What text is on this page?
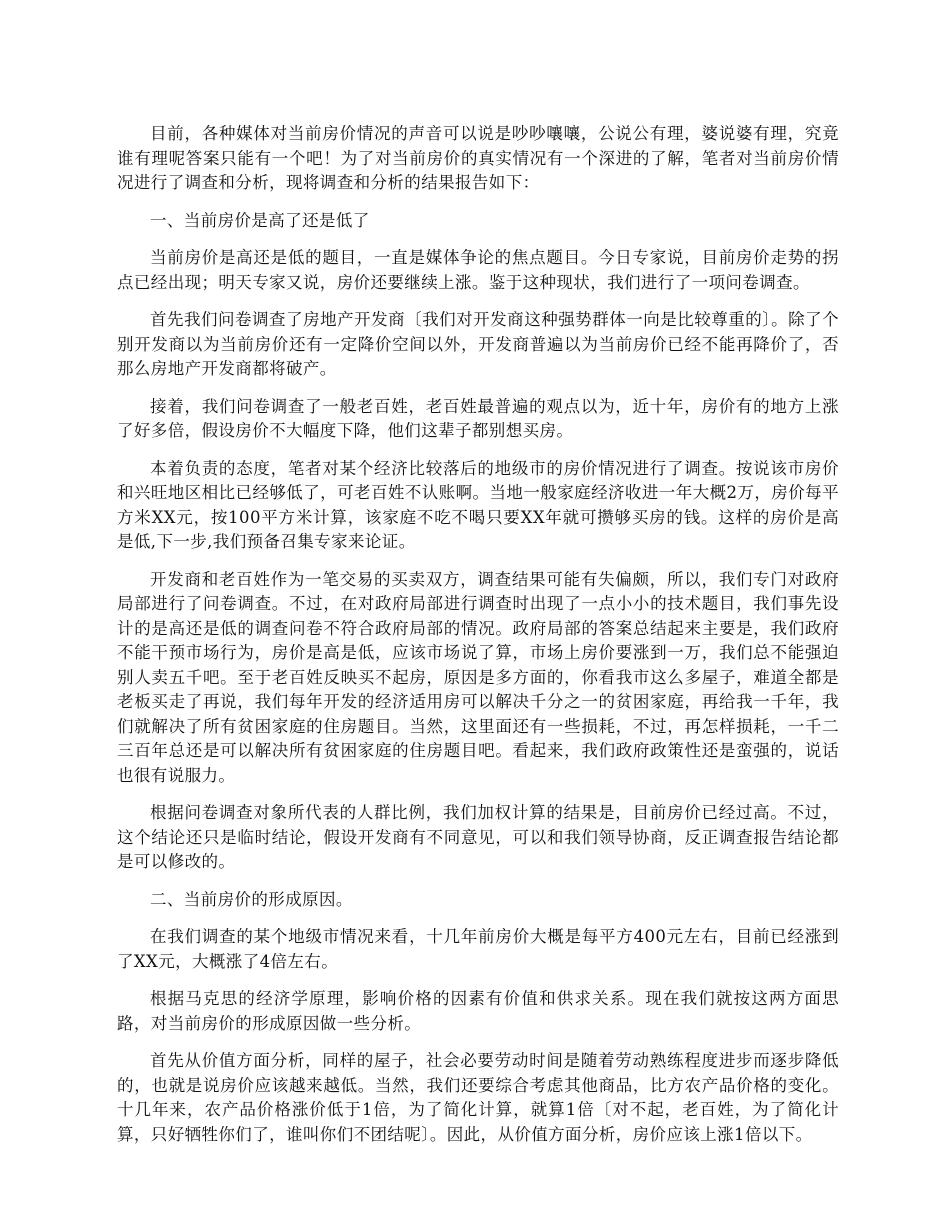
目前，各种媒体对当前房价情况的声音可以说是吵吵嚷嚷，公说公有理，婆说婆有理，究竟谁有理呢答案只能有一个吧！为了对当前房价的真实情况有一个深进的了解，笔者对当前房价情况进行了调查和分析，现将调查和分析的结果报告如下：

一、当前房价是高了还是低了

当前房价是高还是低的题目，一直是媒体争论的焦点题目。今日专家说，目前房价走势的拐点已经出现；明天专家又说，房价还要继续上涨。鉴于这种现状，我们进行了一项问卷调查。

首先我们问卷调查了房地产开发商〔我们对开发商这种强势群体一向是比较尊重的〕。除了个别开发商以为当前房价还有一定降价空间以外，开发商普遍以为当前房价已经不能再降价了，否那么房地产开发商都将破产。

接着，我们问卷调查了一般老百姓，老百姓最普遍的观点以为，近十年，房价有的地方上涨了好多倍，假设房价不大幅度下降，他们这辈子都别想买房。

本着负责的态度，笔者对某个经济比较落后的地级市的房价情况进行了调查。按说该市房价和兴旺地区相比已经够低了，可老百姓不认账啊。当地一般家庭经济收进一年大概2万，房价每平方米XX元，按100平方米计算，该家庭不吃不喝只要XX年就可攒够买房的钱。这样的房价是高是低,下一步,我们预备召集专家来论证。

开发商和老百姓作为一笔交易的买卖双方，调查结果可能有失偏颇，所以，我们专门对政府局部进行了问卷调查。不过，在对政府局部进行调查时出现了一点小小的技术题目，我们事先设计的是高还是低的调查问卷不符合政府局部的情况。政府局部的答案总结起来主要是，我们政府不能干预市场行为，房价是高是低，应该市场说了算，市场上房价要涨到一万，我们总不能强迫别人卖五千吧。至于老百姓反映买不起房，原因是多方面的，你看我市这么多屋子，难道全都是老板买走了再说，我们每年开发的经济适用房可以解决千分之一的贫困家庭，再给我一千年，我们就解决了所有贫困家庭的住房题目。当然，这里面还有一些损耗，不过，再怎样损耗，一千二三百年总还是可以解决所有贫困家庭的住房题目吧。看起来，我们政府政策性还是蛮强的，说话也很有说服力。

根据问卷调查对象所代表的人群比例，我们加权计算的结果是，目前房价已经过高。不过，这个结论还只是临时结论，假设开发商有不同意见，可以和我们领导协商，反正调查报告结论都是可以修改的。

二、当前房价的形成原因。

在我们调查的某个地级市情况来看，十几年前房价大概是每平方400元左右，目前已经涨到了XX元，大概涨了4倍左右。

根据马克思的经济学原理，影响价格的因素有价值和供求关系。现在我们就按这两方面思路，对当前房价的形成原因做一些分析。

首先从价值方面分析，同样的屋子，社会必要劳动时间是随着劳动熟练程度进步而逐步降低的，也就是说房价应该越来越低。当然，我们还要综合考虑其他商品，比方农产品价格的变化。十几年来，农产品价格涨价低于1倍，为了简化计算，就算1倍〔对不起，老百姓，为了简化计算，只好牺牲你们了，谁叫你们不团结呢〕。因此，从价值方面分析，房价应该上涨1倍以下。
